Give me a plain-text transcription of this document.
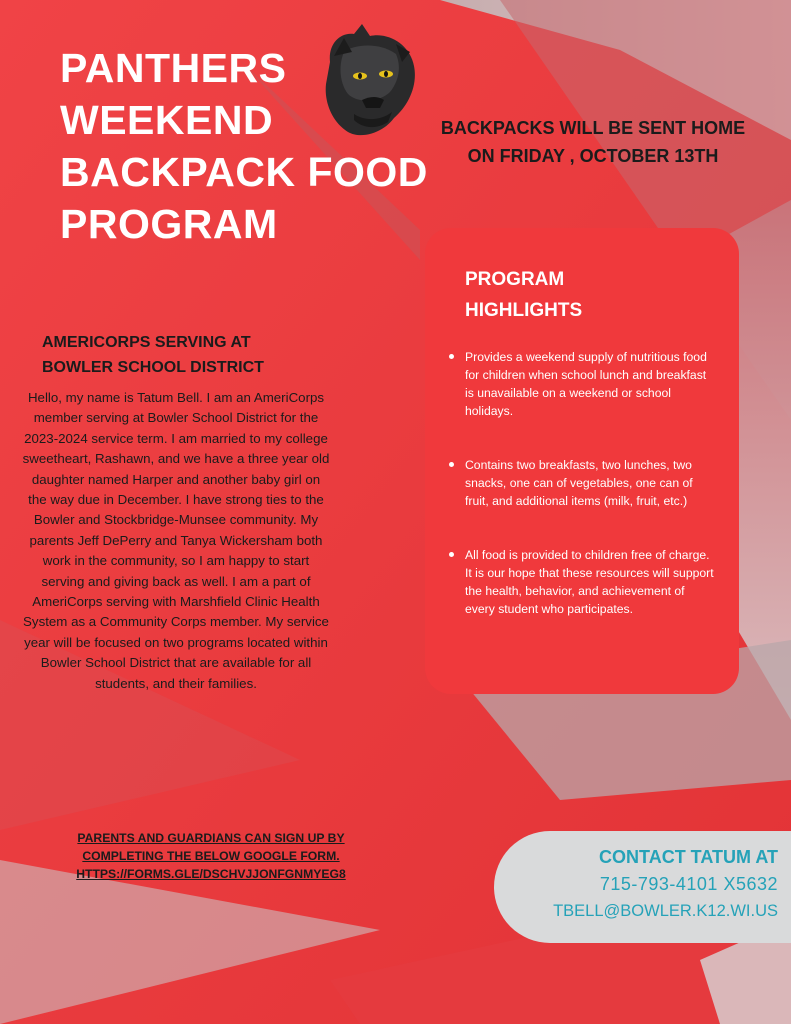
PANTHERS
WEEKEND
BACKPACK FOOD
PROGRAM
BACKPACKS WILL BE SENT HOME
ON FRIDAY , OCTOBER 13TH
PROGRAM
HIGHLIGHTS
Provides a weekend supply of nutritious food for children when school lunch and breakfast is unavailable on a weekend or school holidays.
Contains two breakfasts, two lunches, two snacks, one can of vegetables, one can of fruit, and additional items (milk, fruit, etc.)
All food is provided to children free of charge. It is our hope that these resources will support the health, behavior, and achievement of every student who participates.
AMERICORPS SERVING AT
BOWLER SCHOOL DISTRICT
Hello, my name is Tatum Bell. I am an AmeriCorps member serving at Bowler School District for the 2023-2024 service term. I am married to my college sweetheart, Rashawn, and we have a three year old daughter named Harper and another baby girl on the way due in December. I have strong ties to the Bowler and Stockbridge-Munsee community. My parents Jeff DePerry and Tanya Wickersham both work in the community, so I am happy to start serving and giving back as well. I am a part of AmeriCorps serving with Marshfield Clinic Health System as a Community Corps member. My service year will be focused on two programs located within Bowler School District that are available for all students, and their families.
PARENTS AND GUARDIANS CAN SIGN UP BY
COMPLETING THE BELOW GOOGLE FORM.
HTTPS://FORMS.GLE/DSCHVJJONFGNMYEG8
CONTACT TATUM AT
715-793-4101 X5632
TBELL@BOWLER.K12.WI.US
